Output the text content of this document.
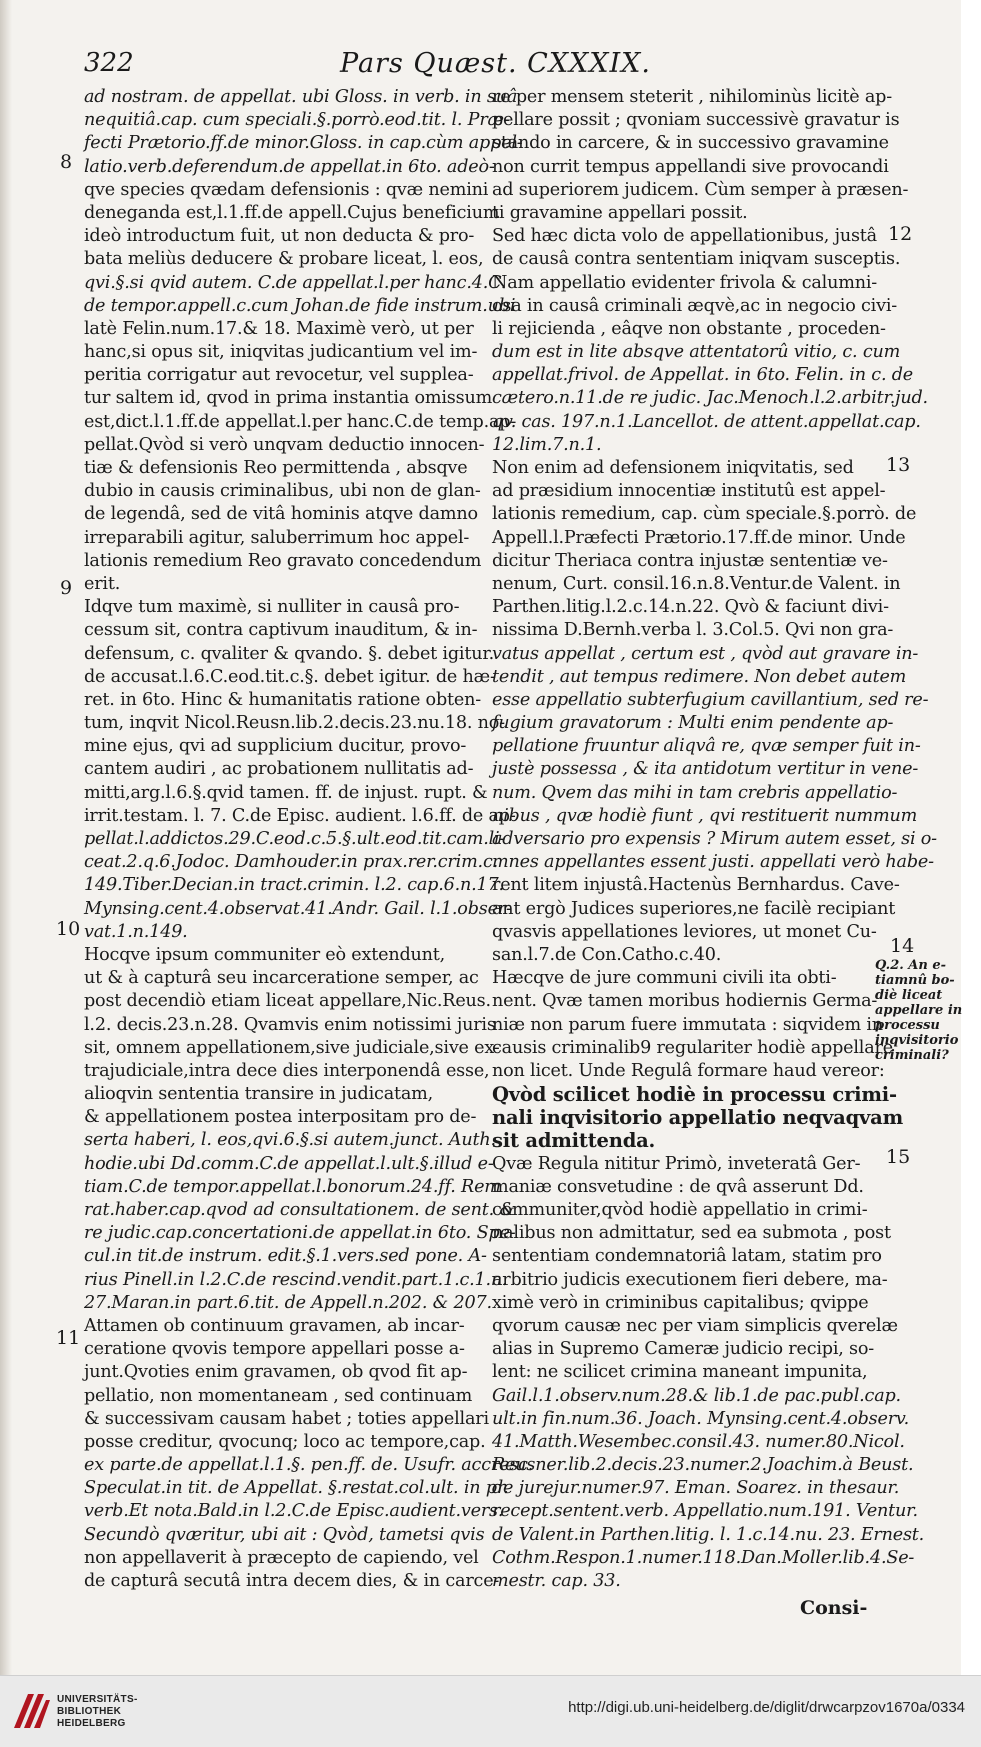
322	Pars Quæst. CXXXIX.
ad nostram. de appellat. ubi Gloss. in verb. in suâ
nequitiâ.cap. cum speciali.§.porrò.eod.tit. l. Præ-
fecti Prætorio.ff.de minor.Gloss. in cap.cùm appel-
latio.verb.deferendum.de appellat.in 6to. adeò-
qve species qvædam defensionis : qvæ nemini
deneganda est,l.1.ff.de appell.Cujus beneficium
ideò introductum fuit, ut non deducta & pro-
bata meliùs deducere & probare liceat, l. eos,
qvi.§.si qvid autem. C.de appellat.l.per hanc.4.C.
de tempor.appell.c.cum Johan.de fide instrum.ubi
latè Felin.num.17.& 18. Maximè verò, ut per
hanc,si opus sit, iniqvitas judicantium vel im-
peritia corrigatur aut revocetur, vel supplea-
tur saltem id, qvod in prima instantia omissum
est,dict.l.1.ff.de appellat.l.per hanc.C.de temp.ap-
pellat.Qvòd si verò unqvam deductio innocen-
tiæ & defensionis Reo permittenda , absqve
dubio in causis criminalibus, ubi non de glan-
de legendâ, sed de vitâ hominis atqve damno
irreparabili agitur, saluberrimum hoc appel-
lationis remedium Reo gravato concedendum
erit.
Idqve tum maximè, si nulliter in causâ pro-
cessum sit, contra captivum inauditum, & in-
defensum, c. qvaliter & qvando. §. debet igitur.
de accusat.l.6.C.eod.tit.c.§. debet igitur. de hæ-
ret. in 6to. Hinc & humanitatis ratione obten-
tum, inqvit Nicol.Reusn.lib.2.decis.23.nu.18. no-
mine ejus, qvi ad supplicium ducitur, provo-
cantem audiri , ac probationem nullitatis ad-
mitti,arg.l.6.§.qvid tamen. ff. de injust. rupt. &
irrit.testam. l. 7. C.de Episc. audient. l.6.ff. de ap-
pellat.l.addictos.29.C.eod.c.5.§.ult.eod.tit.cam.li-
ceat.2.q.6.Jodoc. Damhouder.in prax.rer.crim.c.
149.Tiber.Decian.in tract.crimin. l.2. cap.6.n.17.
Mynsing.cent.4.observat.41.Andr. Gail. l.1.obser-
vat.1.n.149.
Hocqve ipsum communiter eò extendunt,
ut & à capturâ seu incarceratione semper, ac
post decendiò etiam liceat appellare,Nic.Reus.
l.2. decis.23.n.28. Qvamvis enim notissimi juris
sit, omnem appellationem,sive judiciale,sive ex-
trajudiciale,intra dece dies interponendâ esse,
alioqvin sententia transire in judicatam,
& appellationem postea interpositam pro de-
serta haberi, l. eos,qvi.6.§.si autem.junct. Auth.
hodie.ubi Dd.comm.C.de appellat.l.ult.§.illud e-
tiam.C.de tempor.appellat.l.bonorum.24.ff. Rem
rat.haber.cap.qvod ad consultationem. de sent. &
re judic.cap.concertationi.de appellat.in 6to. Spe-
cul.in tit.de instrum. edit.§.1.vers.sed pone. A-
rius Pinell.in l.2.C.de rescind.vendit.part.1.c.1.n.
27.Maran.in part.6.tit. de Appell.n.202. & 207.
Attamen ob continuum gravamen, ab incar-
ceratione qvovis tempore appellari posse a-
junt.Qvoties enim gravamen, ob qvod fit ap-
pellatio, non momentaneam , sed continuam
& successivam causam habet ; toties appellari
posse creditur, qvocunq; loco ac tempore,cap.
ex parte.de appellat.l.1.§. pen.ff. de. Usufr. accresc.
Speculat.in tit. de Appellat. §.restat.col.ult. in pr.
verb.Et nota.Bald.in l.2.C.de Episc.audient.vers.
Secundò qværitur, ubi ait : Qvòd, tametsi qvis
non appellaverit à præcepto de capiendo, vel
de capturâ secutâ intra decem dies, & in carce-
re per mensem steterit , nihilominùs licitè ap-
pellare possit ; qvoniam successivè gravatur is
stando in carcere, & in successivo gravamine
non currit tempus appellandi sive provocandi
ad superiorem judicem. Cùm semper à præsen-
ti gravamine appellari possit.
Sed hæc dicta volo de appellationibus, justâ
de causâ contra sententiam iniqvam susceptis.
Nam appellatio evidenter frivola & calumni-
osa in causâ criminali æqvè,ac in negocio civi-
li rejicienda , eâqve non obstante , proceden-
dum est in lite absqve attentatorû vitio, c. cum
appellat.frivol. de Appellat. in 6to. Felin. in c. de
cætero.n.11.de re judic. Jac.Menoch.l.2.arbitr.jud.
qv. cas. 197.n.1.Lancellot. de attent.appellat.cap.
12.lim.7.n.1.
Non enim ad defensionem iniqvitatis, sed
ad præsidium innocentiæ institutû est appel-
lationis remedium, cap. cùm speciale.§.porrò. de
Appell.l.Præfecti Prætorio.17.ff.de minor. Unde
dicitur Theriaca contra injustæ sententiæ ve-
nenum, Curt. consil.16.n.8.Ventur.de Valent. in
Parthen.litig.l.2.c.14.n.22. Qvò & faciunt divi-
nissima D.Bernh.verba l. 3.Col.5. Qvi non gra-
vatus appellat , certum est , qvòd aut gravare in-
tendit , aut tempus redimere. Non debet autem
esse appellatio subterfugium cavillantium, sed re-
fugium gravatorum : Multi enim pendente ap-
pellatione fruuntur aliqvâ re, qvæ semper fuit in-
justè possessa , & ita antidotum vertitur in vene-
num. Qvem das mihi in tam crebris appellatio-
nibus , qvæ hodiè fiunt , qvi restituerit nummum
adversario pro expensis ? Mirum autem esset, si o-
mnes appellantes essent justi. appellati verò habe-
rent litem injustâ.Hactenùs Bernhardus. Cave-
ant ergò Judices superiores,ne facilè recipiant
qvasvis appellationes leviores, ut monet Cu-
san.l.7.de Con.Catho.c.40.
Hæcqve de jure communi civili ita obti-
nent. Qvæ tamen moribus hodiernis Germa-
niæ non parum fuere immutata : siqvidem in
causis criminalib9 regulariter hodiè appellare
non licet. Unde Regulâ formare haud vereor:
Qvòd scilicet hodiè in processu crimi-
nali inqvisitorio appellatio neqvaqvam
sit admittenda.
Qvæ Regula nititur Primò, inveteratâ Ger-
maniæ consvetudine : de qvâ asserunt Dd.
communiter,qvòd hodiè appellatio in crimi-
nalibus non admittatur, sed ea submota , post
sententiam condemnatoriâ latam, statim pro
arbitrio judicis executionem fieri debere, ma-
ximè verò in criminibus capitalibus; qvippe
qvorum causæ nec per viam simplicis qverelæ
alias in Supremo Cameræ judicio recipi, so-
lent: ne scilicet crimina maneant impunita,
Gail.l.1.observ.num.28.& lib.1.de pac.publ.cap.
ult.in fin.num.36. Joach. Mynsing.cent.4.observ.
41.Matth.Wesembec.consil.43. numer.80.Nicol.
Reusner.lib.2.decis.23.numer.2.Joachim.à Beust.
de jurejur.numer.97. Eman. Soarez. in thesaur.
recept.sentent.verb. Appellatio.num.191. Ventur.
de Valent.in Parthen.litig. l. 1.c.14.nu. 23. Ernest.
Cothm.Respon.1.numer.118.Dan.Moller.lib.4.Se-
mestr. cap. 33.
8
9
10
11
12
13
14
15
Q.2. An e-tiamnû bo-diè liceat appellare in processu inqvisitorio criminali?
Consi-
UNIVERSITÄTS-
BIBLIOTHEK
HEIDELBERG
http://digi.ub.uni-heidelberg.de/diglit/drwcarpzov1670a/0334
